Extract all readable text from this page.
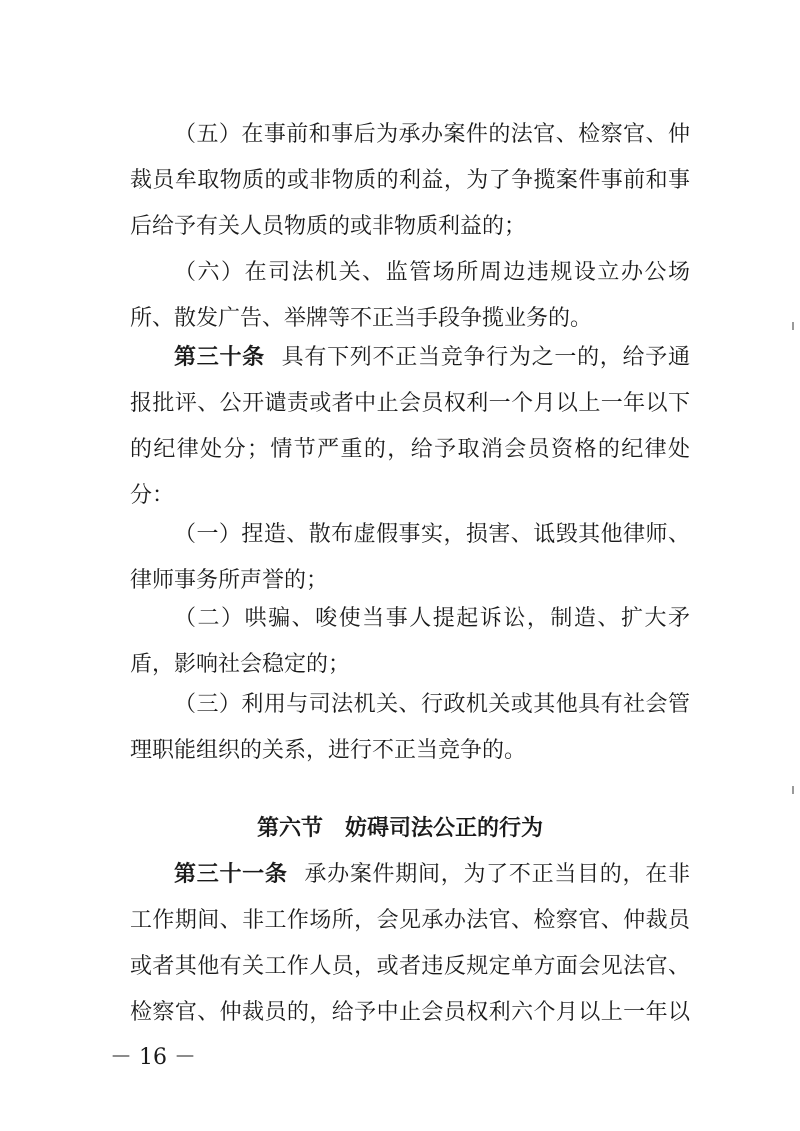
（五）在事前和事后为承办案件的法官、检察官、仲
裁员牟取物质的或非物质的利益，为了争揽案件事前和事
后给予有关人员物质的或非物质利益的；
（六）在司法机关、监管场所周边违规设立办公场
所、散发广告、举牌等不正当手段争揽业务的。
第三十条 具有下列不正当竞争行为之一的，给予通
报批评、公开谴责或者中止会员权利一个月以上一年以下
的纪律处分；情节严重的，给予取消会员资格的纪律处
分：
（一）捏造、散布虚假事实，损害、诋毁其他律师、
律师事务所声誉的；
（二）哄骗、唆使当事人提起诉讼，制造、扩大矛
盾，影响社会稳定的；
（三）利用与司法机关、行政机关或其他具有社会管
理职能组织的关系，进行不正当竞争的。
第六节 妨碍司法公正的行为
第三十一条 承办案件期间，为了不正当目的，在非
工作期间、非工作场所，会见承办法官、检察官、仲裁员
或者其他有关工作人员，或者违反规定单方面会见法官、
检察官、仲裁员的，给予中止会员权利六个月以上一年以
－ 16 －
